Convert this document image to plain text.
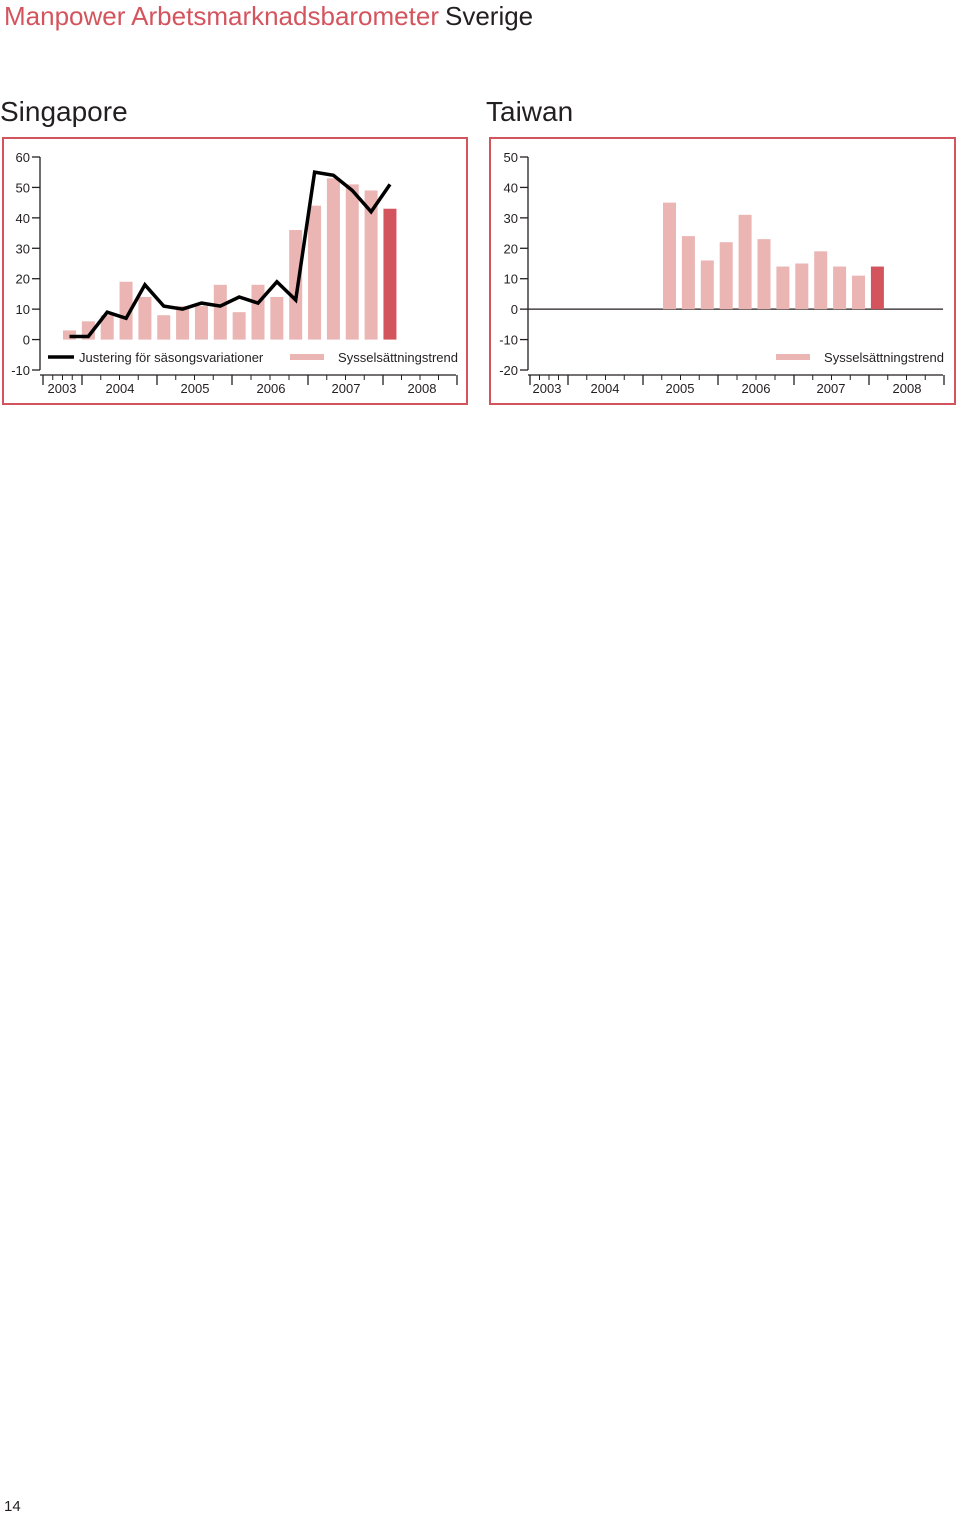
Manpower Arbetsmarknadsbarometer Sverige
Singapore
60
50
40
30
20
10
0
-10
2003 2004	2005	2006	2007	2008
Justering för säsongsvariationer	Sysselsättningstrend
Taiwan
50
40
30
20
10
0
-10
-20
2003 2004	2005	2006	2007	2008
Sysselsättningstrend
14
